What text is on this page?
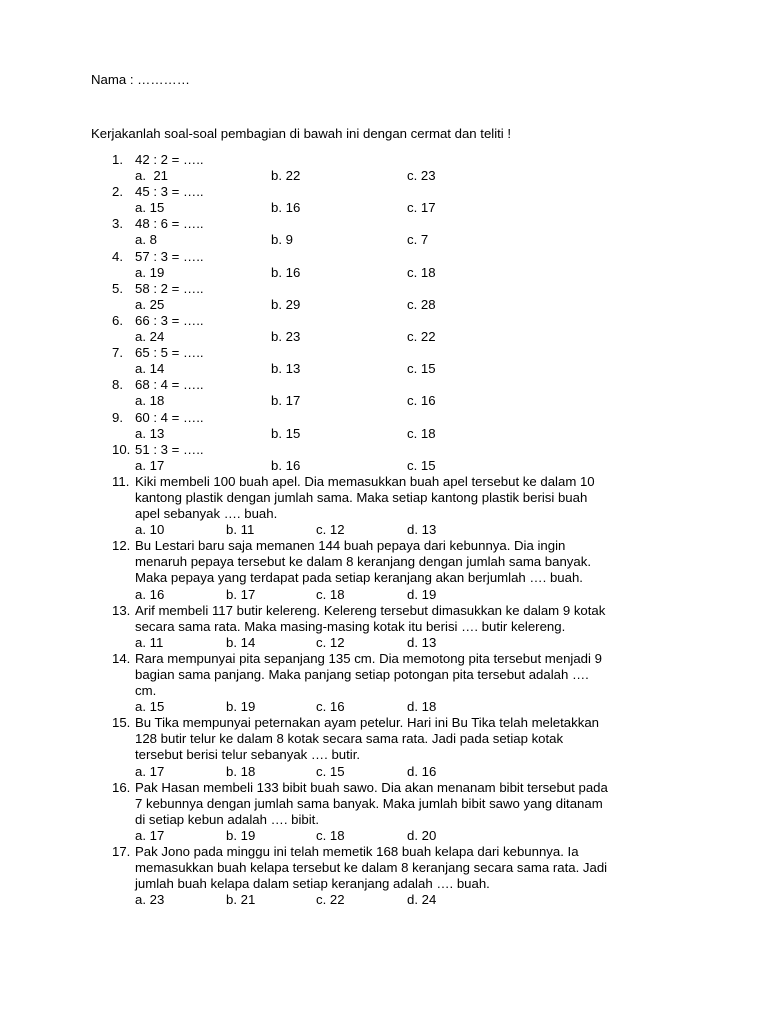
Nama : …………
Kerjakanlah soal-soal pembagian di bawah ini dengan cermat dan teliti !
1. 42 : 2 = …..
a.  21	b. 22	c. 23
2. 45 : 3 = …..
a. 15	b. 16	c. 17
3. 48 : 6 = …..
a. 8	b. 9	c. 7
4. 57 : 3 = …..
a. 19	b. 16	c. 18
5. 58 : 2 = …..
a. 25	b. 29	c. 28
6. 66 : 3 = …..
a. 24	b. 23	c. 22
7. 65 : 5 = …..
a. 14	b. 13	c. 15
8. 68 : 4 = …..
a. 18	b. 17	c. 16
9. 60 : 4 = …..
a. 13	b. 15	c. 18
10. 51 : 3 = …..
a. 17	b. 16	c. 15
11. Kiki membeli 100 buah apel. Dia memasukkan buah apel tersebut ke dalam 10
kantong plastik dengan jumlah sama. Maka setiap kantong plastik berisi buah
apel sebanyak …. buah.
a. 10	b. 11	c. 12	d. 13
12. Bu Lestari baru saja memanen 144 buah pepaya dari kebunnya. Dia ingin
menaruh pepaya tersebut ke dalam 8 keranjang dengan jumlah sama banyak.
Maka pepaya yang terdapat pada setiap keranjang akan berjumlah …. buah.
a. 16	b. 17	c. 18	d. 19
13. Arif membeli 117 butir kelereng. Kelereng tersebut dimasukkan ke dalam 9 kotak
secara sama rata. Maka masing-masing kotak itu berisi …. butir kelereng.
a. 11	b. 14	c. 12	d. 13
14. Rara mempunyai pita sepanjang 135 cm. Dia memotong pita tersebut menjadi 9
bagian sama panjang. Maka panjang setiap potongan pita tersebut adalah ….
cm.
a. 15	b. 19	c. 16	d. 18
15. Bu Tika mempunyai peternakan ayam petelur. Hari ini Bu Tika telah meletakkan
128 butir telur ke dalam 8 kotak secara sama rata. Jadi pada setiap kotak
tersebut berisi telur sebanyak …. butir.
a. 17	b. 18	c. 15	d. 16
16. Pak Hasan membeli 133 bibit buah sawo. Dia akan menanam bibit tersebut pada
7 kebunnya dengan jumlah sama banyak. Maka jumlah bibit sawo yang ditanam
di setiap kebun adalah …. bibit.
a. 17	b. 19	c. 18	d. 20
17. Pak Jono pada minggu ini telah memetik 168 buah kelapa dari kebunnya. Ia
memasukkan buah kelapa tersebut ke dalam 8 keranjang secara sama rata. Jadi
jumlah buah kelapa dalam setiap keranjang adalah …. buah.
a. 23	b. 21	c. 22	d. 24
